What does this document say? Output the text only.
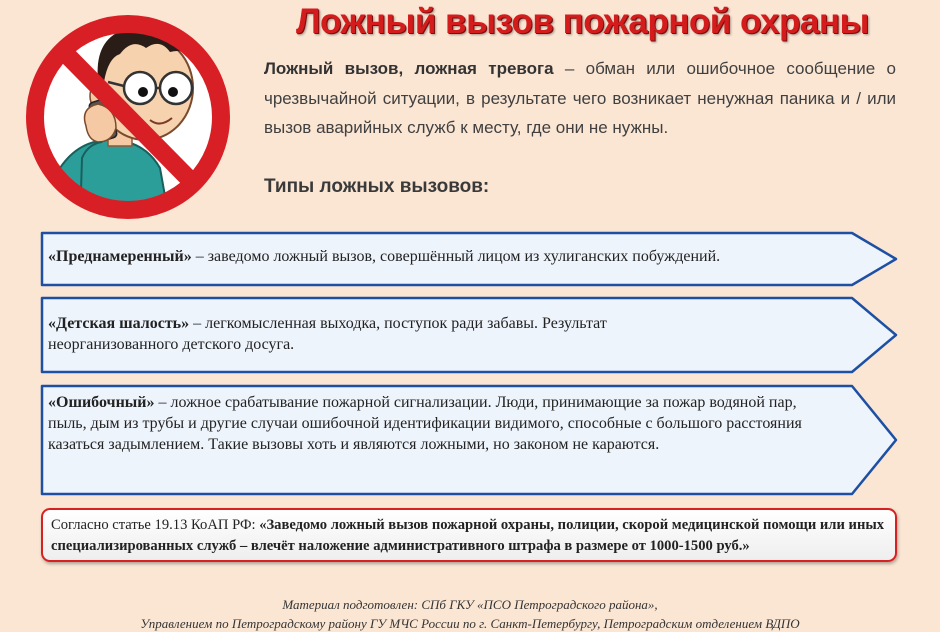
Ложный вызов пожарной охраны

Ложный вызов, ложная тревога – обман или ошибочное сообщение о чрезвычайной ситуации, в результате чего возникает ненужная паника и / или вызов аварийных служб к месту, где они не нужны.

Типы ложных вызовов:
«Преднамеренный» – заведомо ложный вызов, совершённый лицом из хулиганских побуждений.
«Детская шалость» – легкомысленная выходка, поступок ради забавы. Результат неорганизованного детского досуга.
«Ошибочный» – ложное срабатывание пожарной сигнализации. Люди, принимающие за пожар водяной пар, пыль, дым из трубы и другие случаи ошибочной идентификации видимого, способные с большого расстояния казаться задымлением. Такие вызовы хоть и являются ложными, но законом не караются.
Согласно статье 19.13 КоАП РФ: «Заведомо ложный вызов пожарной охраны, полиции, скорой медицинской помощи или иных специализированных служб – влечёт наложение административного штрафа в размере от 1000-1500 руб.»
Материал подготовлен: СПб ГКУ «ПСО Петроградского района»,
Управлением по Петроградскому району ГУ МЧС России по г. Санкт-Петербургу, Петроградским отделением ВДПО
